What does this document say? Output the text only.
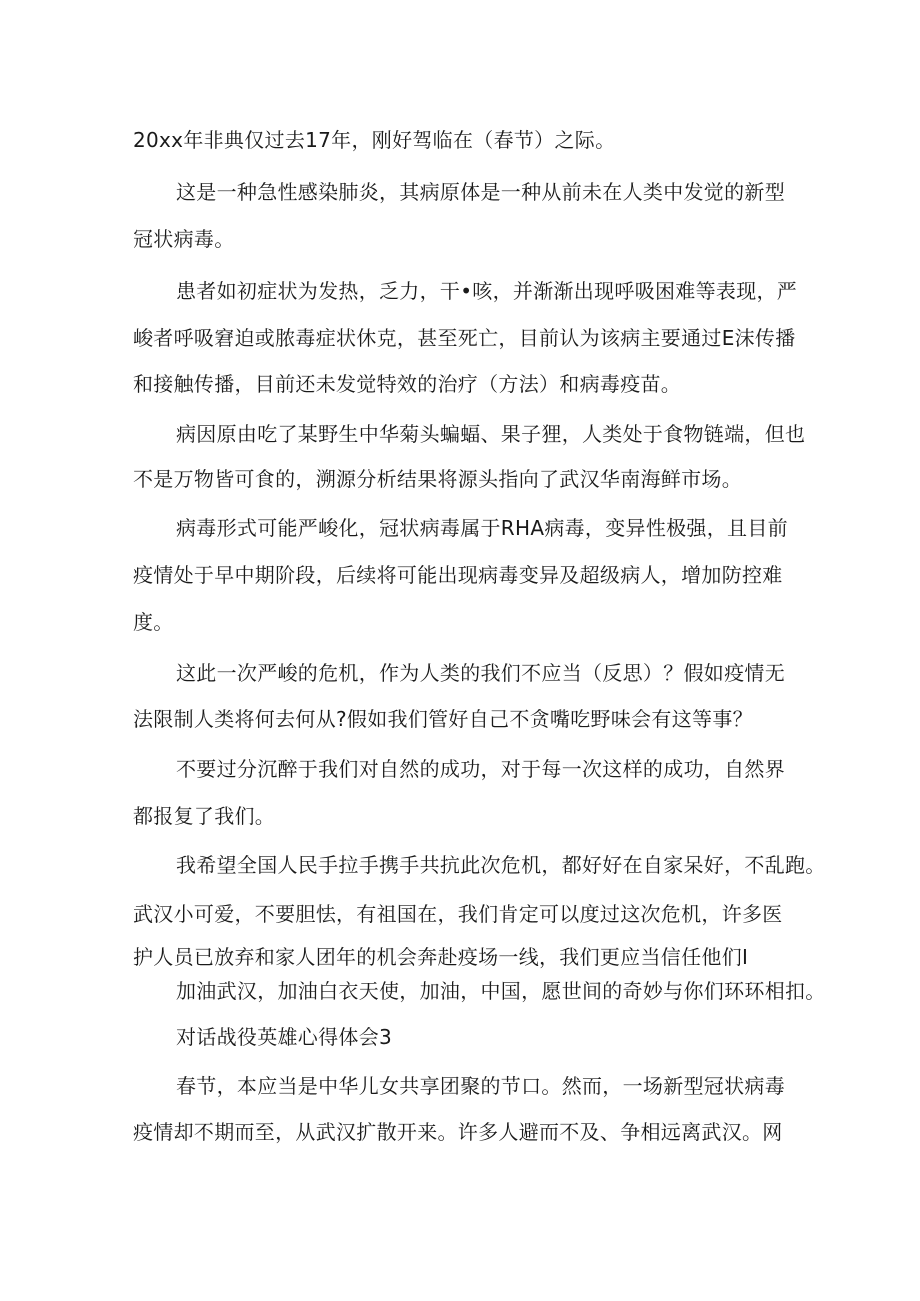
20xx年非典仅过去17年，刚好驾临在（春节）之际。
这是一种急性感染肺炎，其病原体是一种从前未在人类中发觉的新型
冠状病毒。
患者如初症状为发热，乏力，干•咳，并渐渐出现呼吸困难等表现，严
峻者呼吸窘迫或脓毒症状休克，甚至死亡，目前认为该病主要通过E沫传播
和接触传播，目前还未发觉特效的治疗（方法）和病毒疫苗。
病因原由吃了某野生中华菊头蝙蝠、果子狸，人类处于食物链端，但也
不是万物皆可食的，溯源分析结果将源头指向了武汉华南海鲜市场。
病毒形式可能严峻化，冠状病毒属于RHA病毒，变异性极强，且目前
疫情处于早中期阶段，后续将可能出现病毒变异及超级病人，增加防控难
度。
这此一次严峻的危机，作为人类的我们不应当（反思）？假如疫情无
法限制人类将何去何从?假如我们管好自己不贪嘴吃野味会有这等事？
不要过分沉醉于我们对自然的成功，对于每一次这样的成功，自然界
都报复了我们。
我希望全国人民手拉手携手共抗此次危机，都好好在自家呆好，不乱跑。
武汉小可爱，不要胆怯，有祖国在，我们肯定可以度过这次危机，许多医
护人员已放弃和家人团年的机会奔赴疫场一线，我们更应当信任他们I
加油武汉，加油白衣天使，加油，中国，愿世间的奇妙与你们环环相扣。
对话战役英雄心得体会3
春节，本应当是中华儿女共享团聚的节口。然而，一场新型冠状病毒
疫情却不期而至，从武汉扩散开来。许多人避而不及、争相远离武汉。网
